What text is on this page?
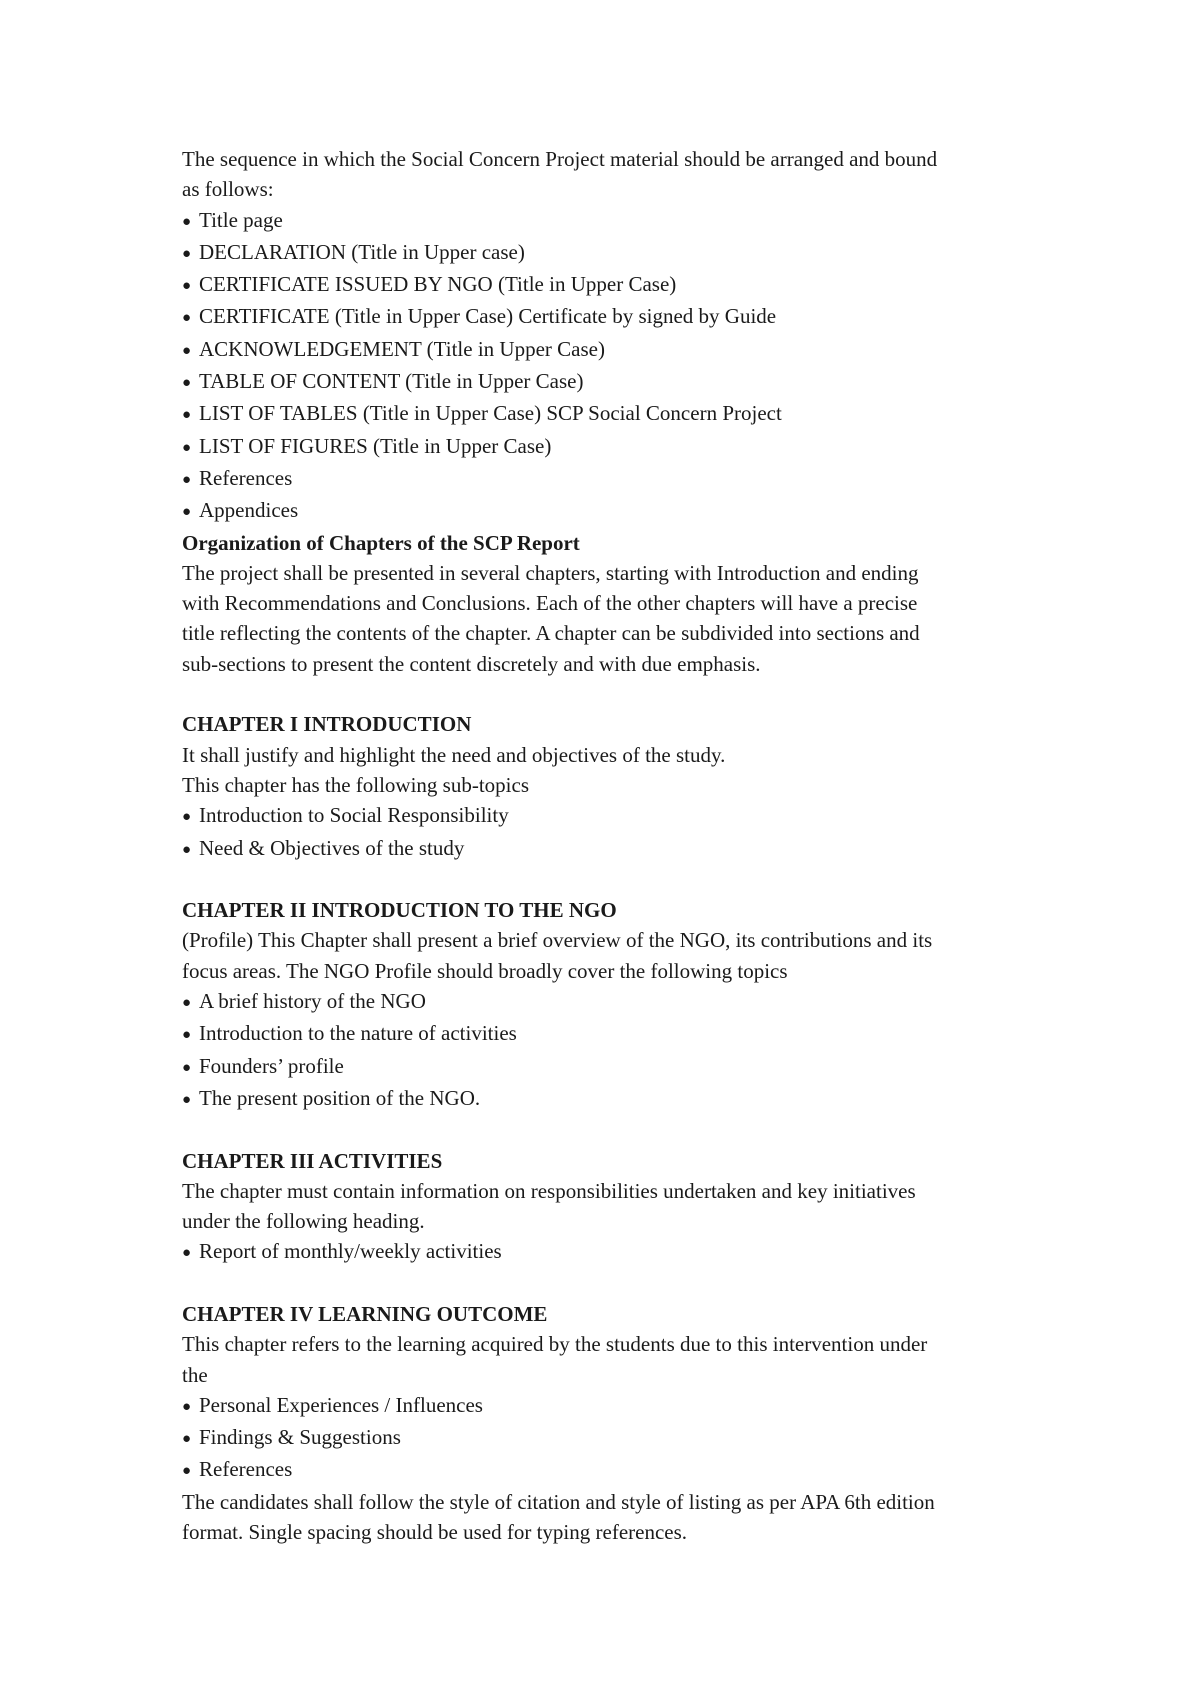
The sequence in which the Social Concern Project material should be arranged and bound
as follows:
● Title page
● DECLARATION (Title in Upper case)
● CERTIFICATE ISSUED BY NGO (Title in Upper Case)
● CERTIFICATE (Title in Upper Case) Certificate by signed by Guide
● ACKNOWLEDGEMENT (Title in Upper Case)
● TABLE OF CONTENT (Title in Upper Case)
● LIST OF TABLES (Title in Upper Case) SCP Social Concern Project
● LIST OF FIGURES (Title in Upper Case)
● References
● Appendices
Organization of Chapters of the SCP Report
The project shall be presented in several chapters, starting with Introduction and ending
with Recommendations and Conclusions. Each of the other chapters will have a precise
title reflecting the contents of the chapter. A chapter can be subdivided into sections and
sub-sections to present the content discretely and with due emphasis.
CHAPTER I INTRODUCTION
It shall justify and highlight the need and objectives of the study.
This chapter has the following sub-topics
● Introduction to Social Responsibility
● Need & Objectives of the study
CHAPTER II INTRODUCTION TO THE NGO
(Profile) This Chapter shall present a brief overview of the NGO, its contributions and its
focus areas. The NGO Profile should broadly cover the following topics
● A brief history of the NGO
● Introduction to the nature of activities
● Founders’ profile
● The present position of the NGO.
CHAPTER III ACTIVITIES
The chapter must contain information on responsibilities undertaken and key initiatives
under the following heading.
● Report of monthly/weekly activities
CHAPTER IV LEARNING OUTCOME
This chapter refers to the learning acquired by the students due to this intervention under
the
● Personal Experiences / Influences
● Findings & Suggestions
● References
The candidates shall follow the style of citation and style of listing as per APA 6th edition
format. Single spacing should be used for typing references.
